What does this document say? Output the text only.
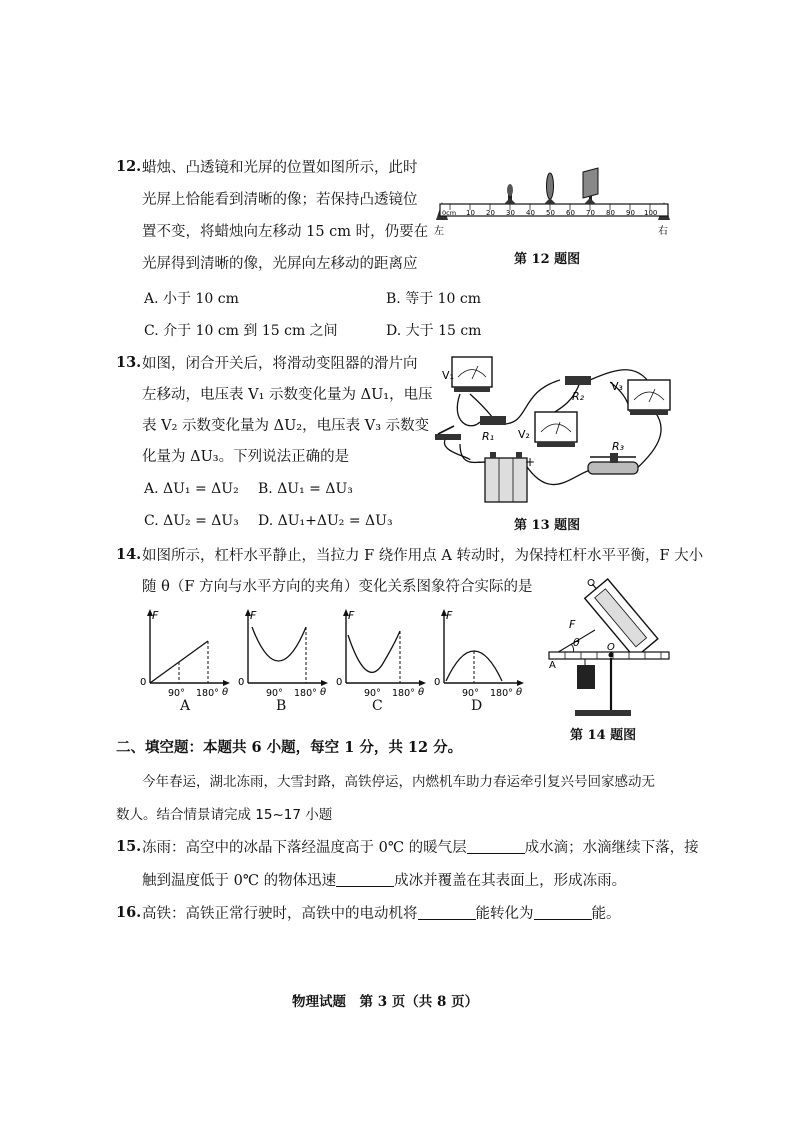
12. 蜡烛、凸透镜和光屏的位置如图所示，此时
光屏上恰能看到清晰的像；若保持凸透镜位
置不变，将蜡烛向左移动 15 cm 时，仍要在
光屏得到清晰的像，光屏向左移动的距离应
A. 小于 10 cm	B. 等于 10 cm
C. 介于 10 cm 到 15 cm 之间	D. 大于 15 cm
0cm 10 20 30 40 50 60 70 80 90 100
左	右
第 12 题图
13. 如图，闭合开关后，将滑动变阻器的滑片向
左移动，电压表 V₁ 示数变化量为 ΔU₁，电压
表 V₂ 示数变化量为 ΔU₂，电压表 V₃ 示数变
化量为 ΔU₃。下列说法正确的是
A. ΔU₁ = ΔU₂ B. ΔU₁ = ΔU₃
C. ΔU₂ = ΔU₃ D. ΔU₁+ΔU₂ = ΔU₃
V₁
V₂
V₃
R₁
R₂
R₃
−	+
第 13 题图
14. 如图所示，杠杆水平静止，当拉力 F 绕作用点 A 转动时，为保持杠杆水平平衡，F 大小
随 θ（F 方向与水平方向的夹角）变化关系图象符合实际的是
F
0
90° 180° θ
A
F
0
90° 180° θ
B
F
0
90° 180° θ
C
F
0
90° 180° θ
D
F
θ	O
A
第 14 题图
二、填空题：本题共 6 小题，每空 1 分，共 12 分。
今年春运，湖北冻雨，大雪封路，高铁停运，内燃机车助力春运牵引复兴号回家感动无
数人。结合情景请完成 15~17 小题
15. 冻雨：高空中的冰晶下落经温度高于 0℃ 的暖气层	成水滴；水滴继续下落，接
触到温度低于 0℃ 的物体迅速	成冰并覆盖在其表面上，形成冻雨。
16. 高铁：高铁正常行驶时，高铁中的电动机将	能转化为	能。
物理试题　第 3 页（共 8 页）
